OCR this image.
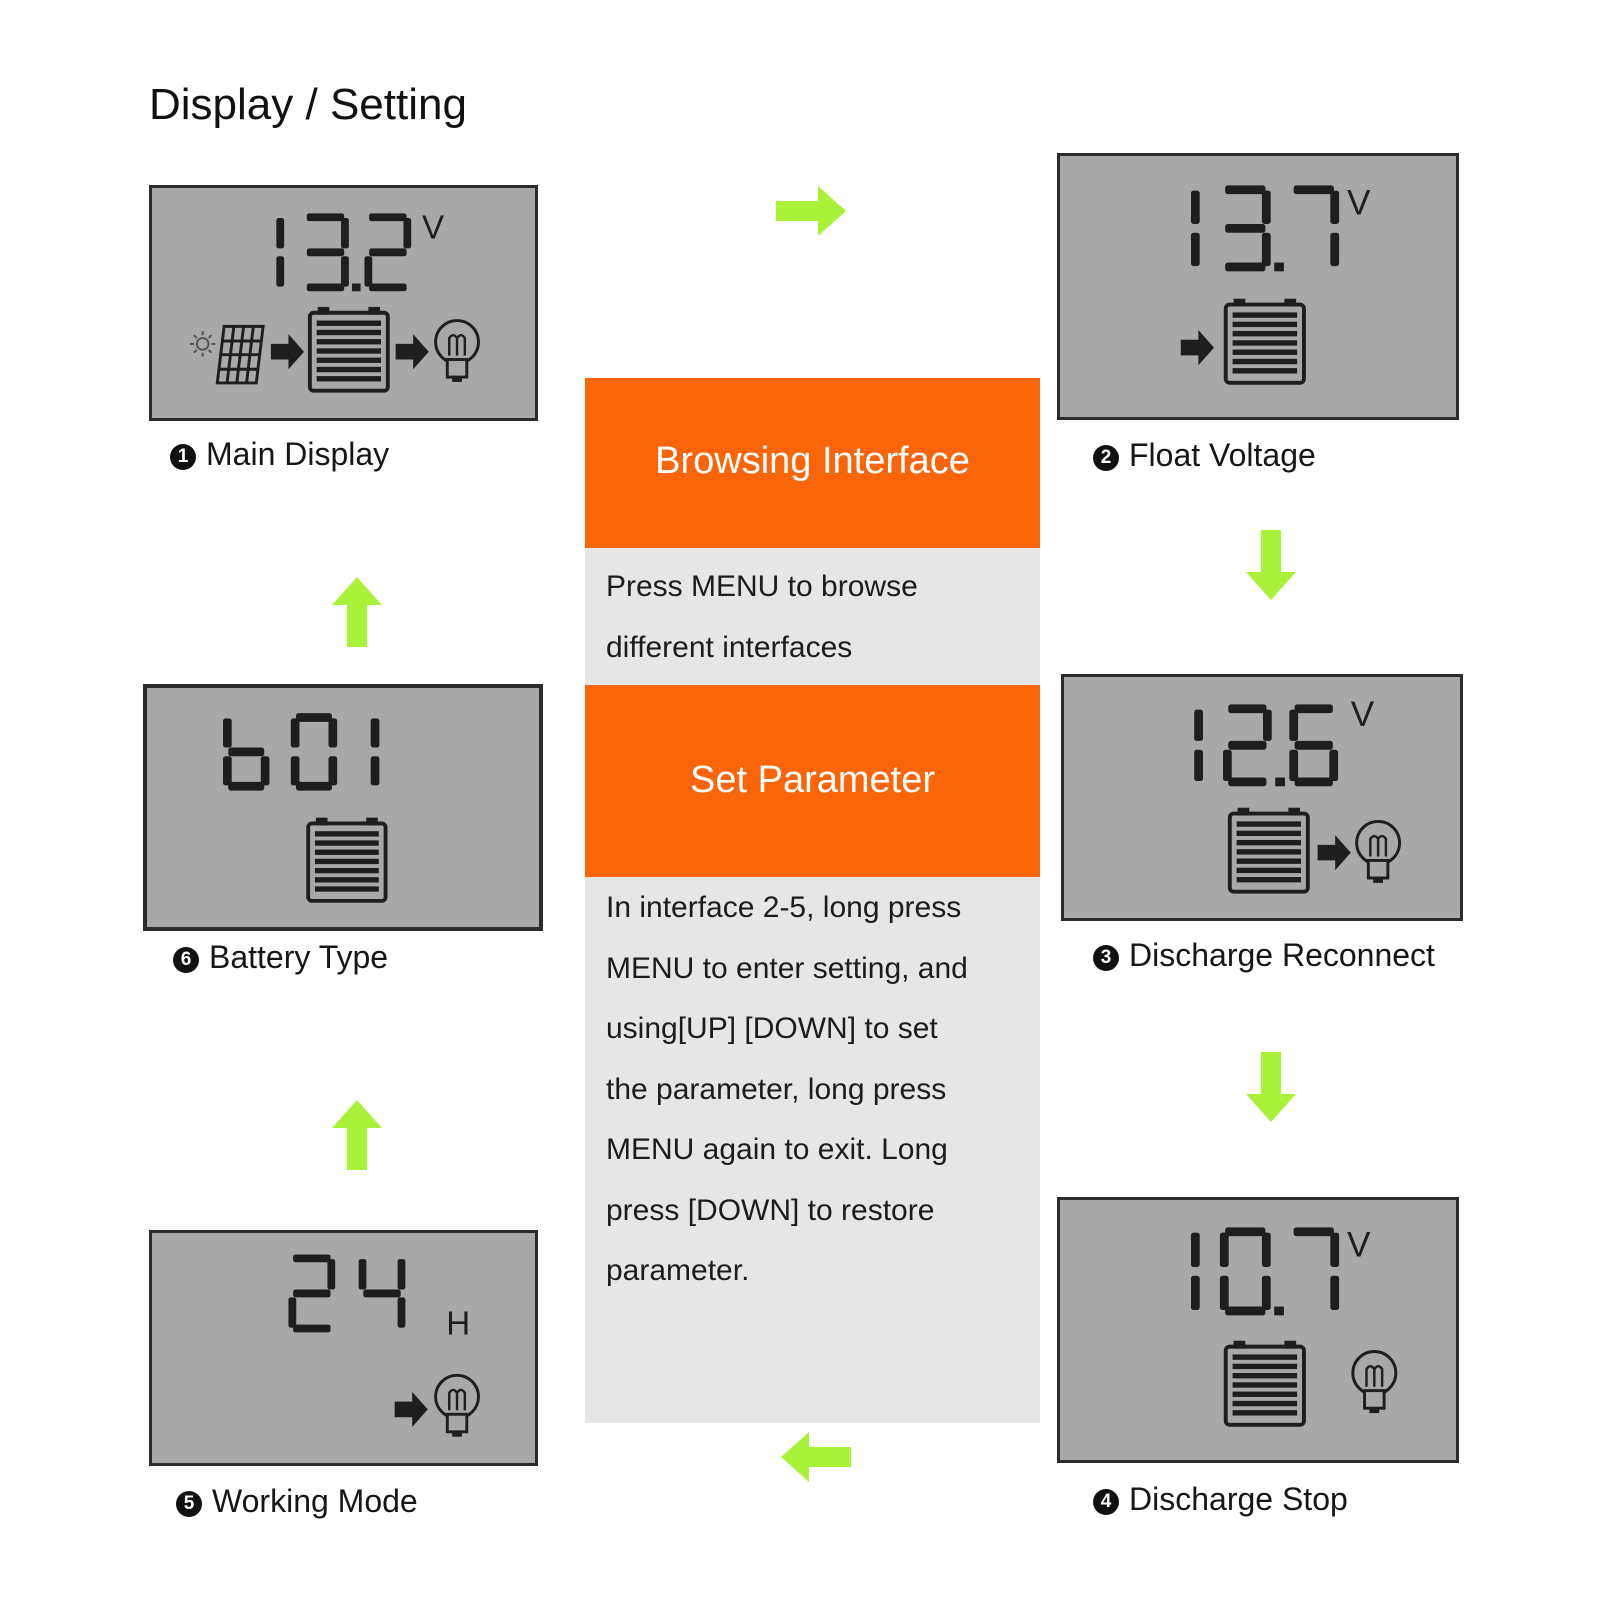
Display / Setting
V
1 Main Display
V
2 Float Voltage
V
3 Discharge Reconnect
V
4 Discharge Stop
H
5 Working Mode
6 Battery Type
Browsing Interface
Press MENU to browse
different interfaces
Set Parameter
In interface 2-5, long press
MENU to enter setting, and
using[UP] [DOWN] to set
the parameter, long press
MENU again to exit. Long
press [DOWN] to restore
parameter.
